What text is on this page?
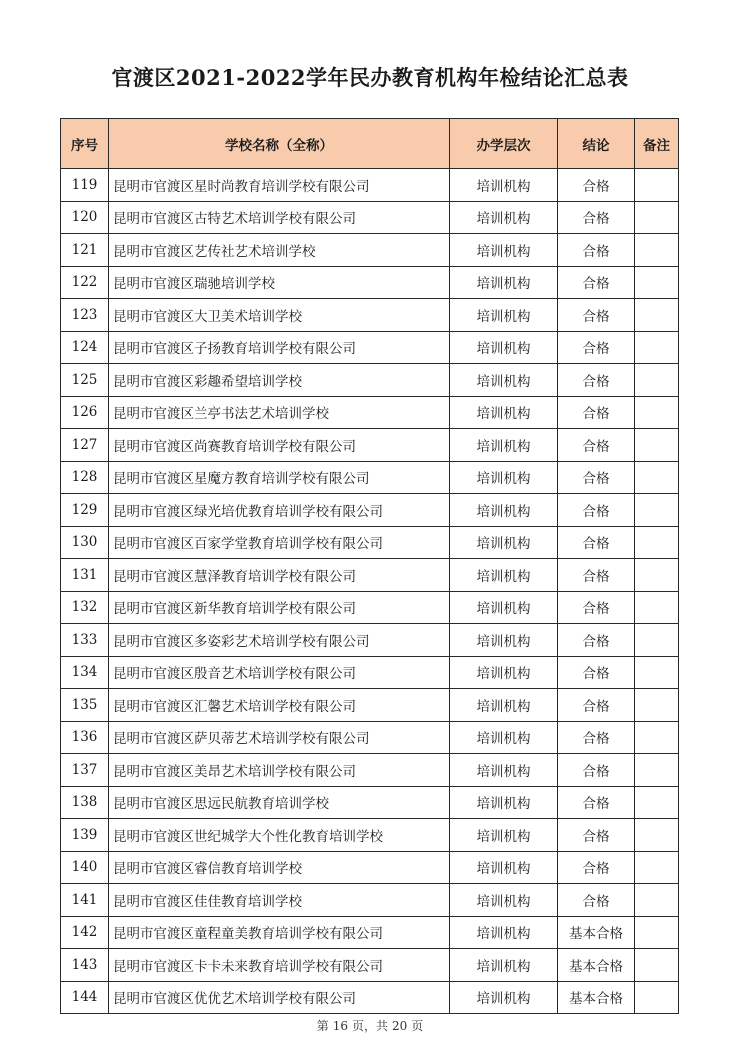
官渡区2021-2022学年民办教育机构年检结论汇总表
序号	学校名称（全称）	办学层次	结论	备注
119	昆明市官渡区星时尚教育培训学校有限公司	培训机构	合格	
120	昆明市官渡区古特艺术培训学校有限公司	培训机构	合格	
121	昆明市官渡区艺传社艺术培训学校	培训机构	合格	
122	昆明市官渡区瑞驰培训学校	培训机构	合格	
123	昆明市官渡区大卫美术培训学校	培训机构	合格	
124	昆明市官渡区子扬教育培训学校有限公司	培训机构	合格	
125	昆明市官渡区彩趣希望培训学校	培训机构	合格	
126	昆明市官渡区兰亭书法艺术培训学校	培训机构	合格	
127	昆明市官渡区尚赛教育培训学校有限公司	培训机构	合格	
128	昆明市官渡区星魔方教育培训学校有限公司	培训机构	合格	
129	昆明市官渡区绿光培优教育培训学校有限公司	培训机构	合格	
130	昆明市官渡区百家学堂教育培训学校有限公司	培训机构	合格	
131	昆明市官渡区慧泽教育培训学校有限公司	培训机构	合格	
132	昆明市官渡区新华教育培训学校有限公司	培训机构	合格	
133	昆明市官渡区多姿彩艺术培训学校有限公司	培训机构	合格	
134	昆明市官渡区殷音艺术培训学校有限公司	培训机构	合格	
135	昆明市官渡区汇馨艺术培训学校有限公司	培训机构	合格	
136	昆明市官渡区萨贝蒂艺术培训学校有限公司	培训机构	合格	
137	昆明市官渡区美昂艺术培训学校有限公司	培训机构	合格	
138	昆明市官渡区思远民航教育培训学校	培训机构	合格	
139	昆明市官渡区世纪城学大个性化教育培训学校	培训机构	合格	
140	昆明市官渡区睿信教育培训学校	培训机构	合格	
141	昆明市官渡区佳佳教育培训学校	培训机构	合格	
142	昆明市官渡区童程童美教育培训学校有限公司	培训机构	基本合格	
143	昆明市官渡区卡卡未来教育培训学校有限公司	培训机构	基本合格	
144	昆明市官渡区优优艺术培训学校有限公司	培训机构	基本合格	
第 16 页，共 20 页
